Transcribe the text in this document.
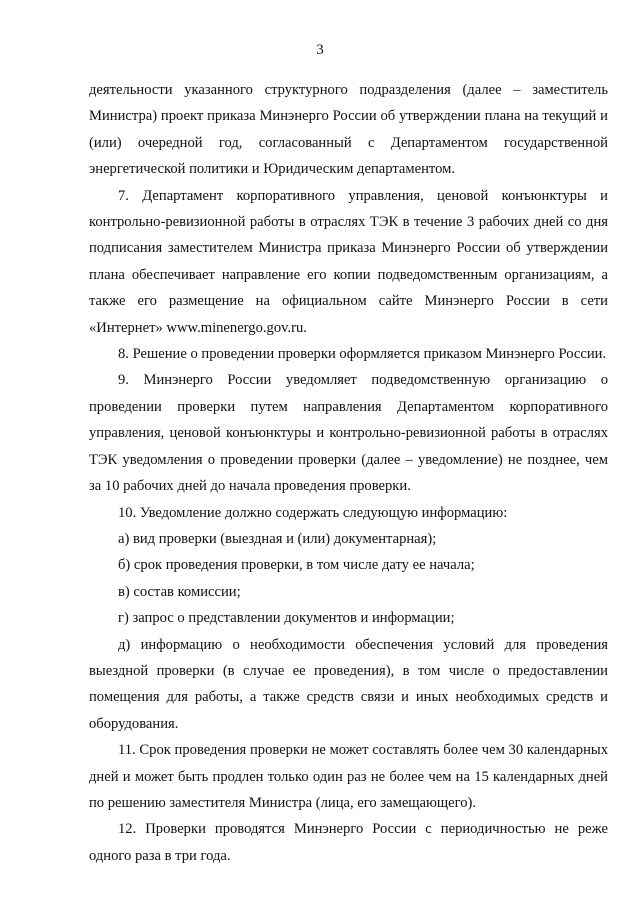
3

деятельности указанного структурного подразделения (далее – заместитель Министра) проект приказа Минэнерго России об утверждении плана на текущий и (или) очередной год, согласованный с Департаментом государственной энергетической политики и Юридическим департаментом.

7. Департамент корпоративного управления, ценовой конъюнктуры и контрольно-ревизионной работы в отраслях ТЭК в течение 3 рабочих дней со дня подписания заместителем Министра приказа Минэнерго России об утверждении плана обеспечивает направление его копии подведомственным организациям, а также его размещение на официальном сайте Минэнерго России в сети «Интернет» www.minenergo.gov.ru.

8. Решение о проведении проверки оформляется приказом Минэнерго России.

9. Минэнерго России уведомляет подведомственную организацию о проведении проверки путем направления Департаментом корпоративного управления, ценовой конъюнктуры и контрольно-ревизионной работы в отраслях ТЭК уведомления о проведении проверки (далее – уведомление) не позднее, чем за 10 рабочих дней до начала проведения проверки.

10. Уведомление должно содержать следующую информацию:

а) вид проверки (выездная и (или) документарная);

б) срок проведения проверки, в том числе дату ее начала;

в) состав комиссии;

г) запрос о представлении документов и информации;

д) информацию о необходимости обеспечения условий для проведения выездной проверки (в случае ее проведения), в том числе о предоставлении помещения для работы, а также средств связи и иных необходимых средств и оборудования.

11. Срок проведения проверки не может составлять более чем 30 календарных дней и может быть продлен только один раз не более чем на 15 календарных дней по решению заместителя Министра (лица, его замещающего).

12. Проверки проводятся Минэнерго России с периодичностью не реже одного раза в три года.
